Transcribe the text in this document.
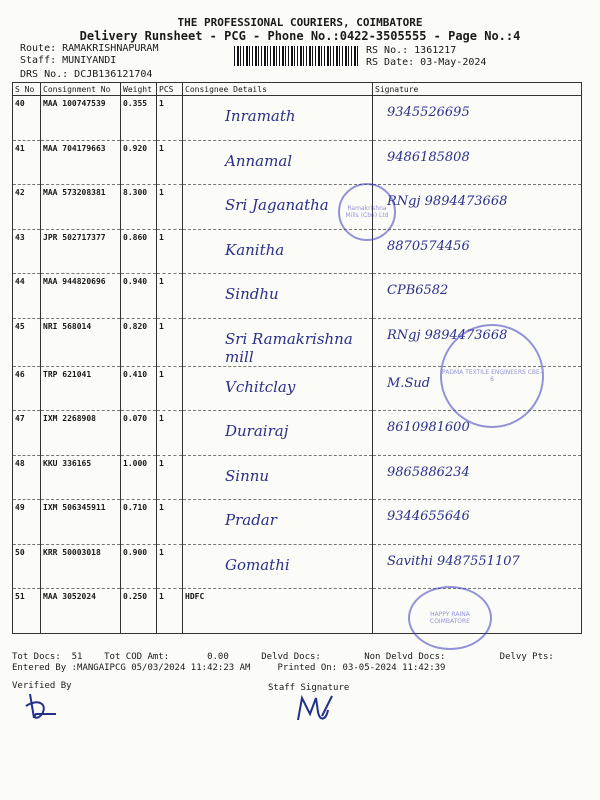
THE PROFESSIONAL COURIERS, COIMBATORE
Delivery Runsheet - PCG - Phone No.:0422-3505555 - Page No.:4
Route: RAMAKRISHNAPURAM
Staff: MUNIYANDI
DRS No.: DCJB136121704
RS No.: 1361217
RS Date: 03-May-2024
S No	Consignment No	Weight	PCS	Consignee Details	Signature
40	MAA 100747539	0.355	1	Inramath	9345526695

41	MAA 704179663	0.920	1	Annamal	9486185808

42	MAA 573208381	8.300	1	Sri Jaganatha	RNgj 9894473668

43	JPR 502717377	0.860	1	Kanitha	8870574456

44	MAA 944820696	0.940	1	Sindhu	CPB6582

45	NRI 568014	0.820	1	Sri Ramakrishna mill	RNgj 9894473668

46	TRP 621041	0.410	1	Vchitclay	M.Sud

47	IXM 2268908	0.070	1	Durairaj	8610981600

48	KKU 336165	1.000	1	Sinnu	9865886234

49	IXM 506345911	0.710	1	Pradar	9344655646

50	KRR 50003018	0.900	1	Gomathi	Savithi 9487551107

51	MAA 3052024	0.250	1	HDFC	
Ramakrishna Mills (Cbe) Ltd
PADMA TEXTILE ENGINEERS CBE-6
HAPPY RAINA COIMBATORE
Tot Docs:  51    Tot COD Amt:       0.00      Delvd Docs:        Non Delvd Docs:          Delvy Pts:
Entered By :MANGAIPCG 05/03/2024 11:42:23 AM     Printed On: 03-05-2024 11:42:39
Verified By	Staff Signature
